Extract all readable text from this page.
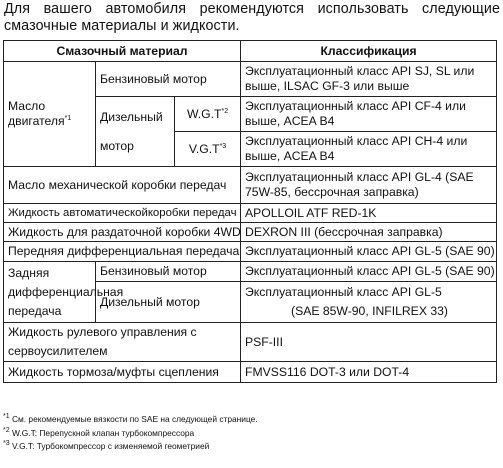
Для вашего автомобиля рекомендуются использовать следующие смазочные материалы и жидкости.
Смазочный материал			Классификация
Масло двигателя$^{*1}$	Бензиновый мотор		Эксплуатационный класс API SJ, SL или выше, ILSAC GF-3 или выше
	Дизельный мотор	$W.G.T^{*2}$	Эксплуатационный класс API CF-4 или выше, ACEA B4
		$V.G.T^{*3}$	Эксплуатационный класс API CH-4 или выше, ACEA B4
Масло механической коробки передач			Эксплуатационный класс API GL-4 (SAE 75W-85, бессрочная заправка)
Жидкость автоматическойкоробки передач			APOLLOIL ATF RED-1K
Жидкость для раздаточной коробки 4WD			DEXRON III (бессрочная заправка)
Передняя дифференциальная передача			Эксплуатационный класс API GL-5 (SAE 90)
Задняя дифференциальная передача	Бензиновый мотор		Эксплуатационный класс API GL-5 (SAE 90)
	Дизельный мотор		Эксплуатационный класс API GL-5
(SAE 85W-90, INFILREX 33)

Жидкость рулевого управления с сервоусилителем			PSF-III
Жидкость тормоза/муфты сцепления			FMVSS116 DOT-3 или DOT-4
$^{*1}$ См. рекомендуемые вязкости по SAE на следующей странице.
$^{*2}$ W.G.T: Перепускной клапан турбокомпрессора
$^{*3}$ V.G.T: Турбокомпрессор с изменяемой геометрией
